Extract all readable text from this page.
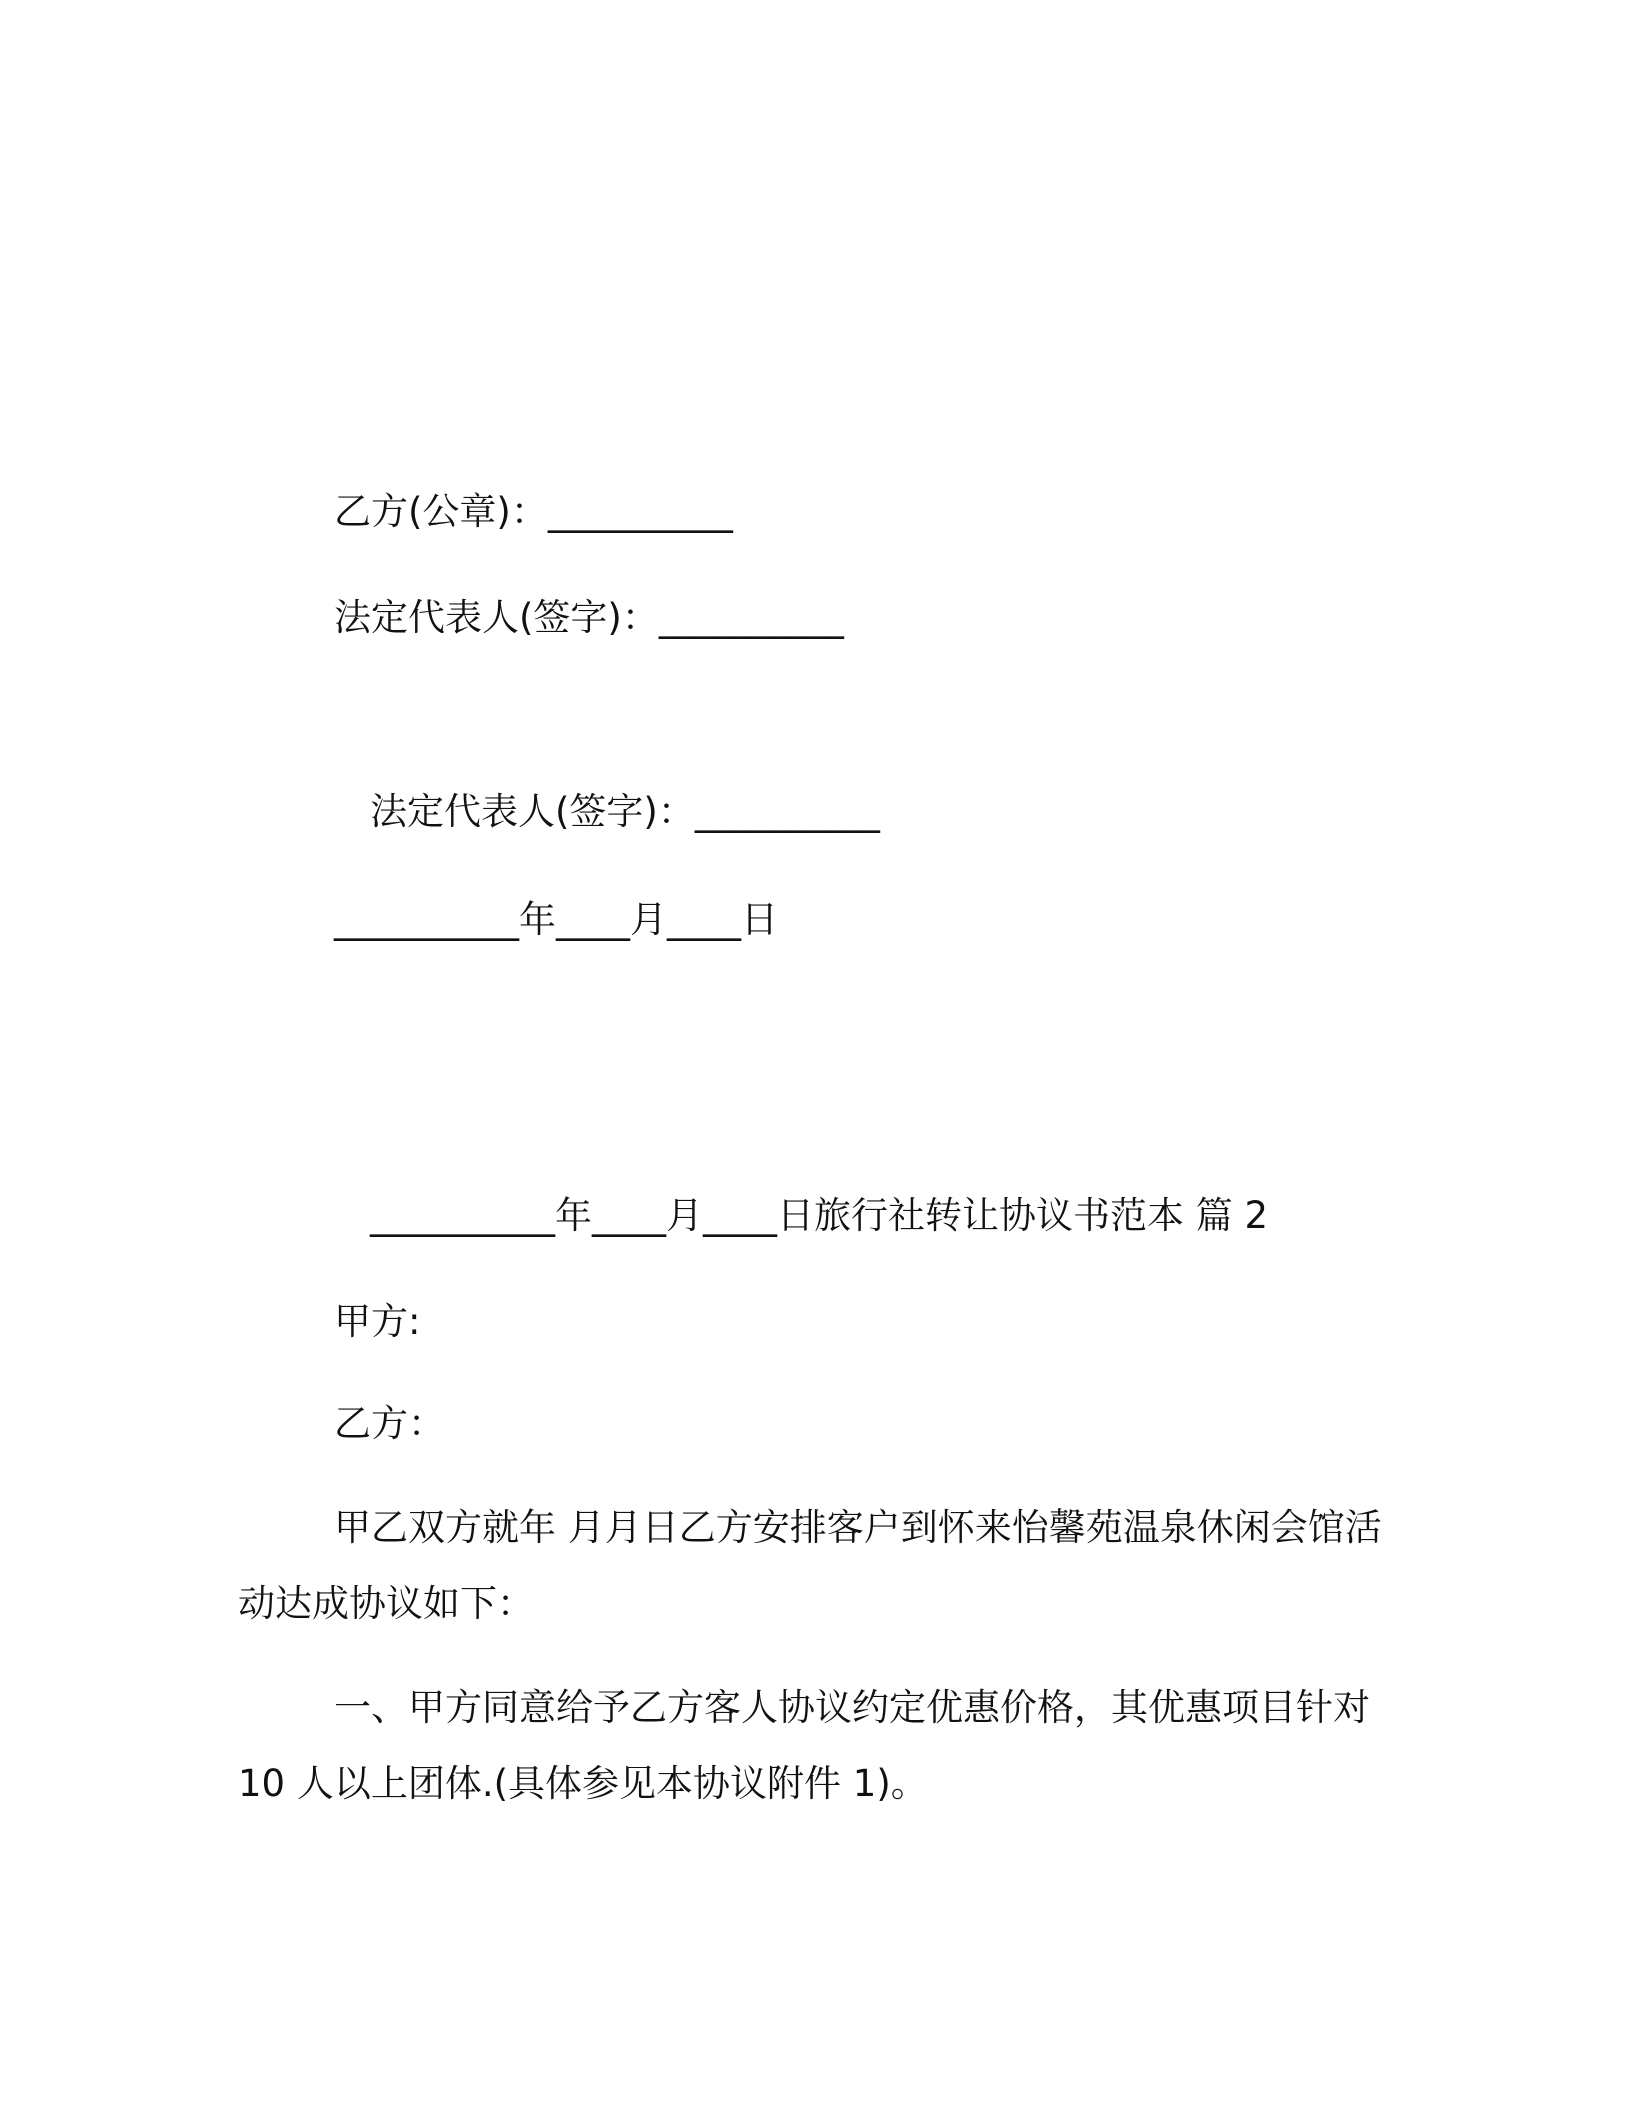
乙方(公章)：__________
法定代表人(签字)：__________
法定代表人(签字)：__________
__________年____月____日
__________年____月____日旅行社转让协议书范本 篇 2
甲方:
乙方：
甲乙双方就年 月月日乙方安排客户到怀来怡馨苑温泉休闲会馆活
动达成协议如下：
一、甲方同意给予乙方客人协议约定优惠价格，其优惠项目针对
10 人以上团体.(具体参见本协议附件 1)。
